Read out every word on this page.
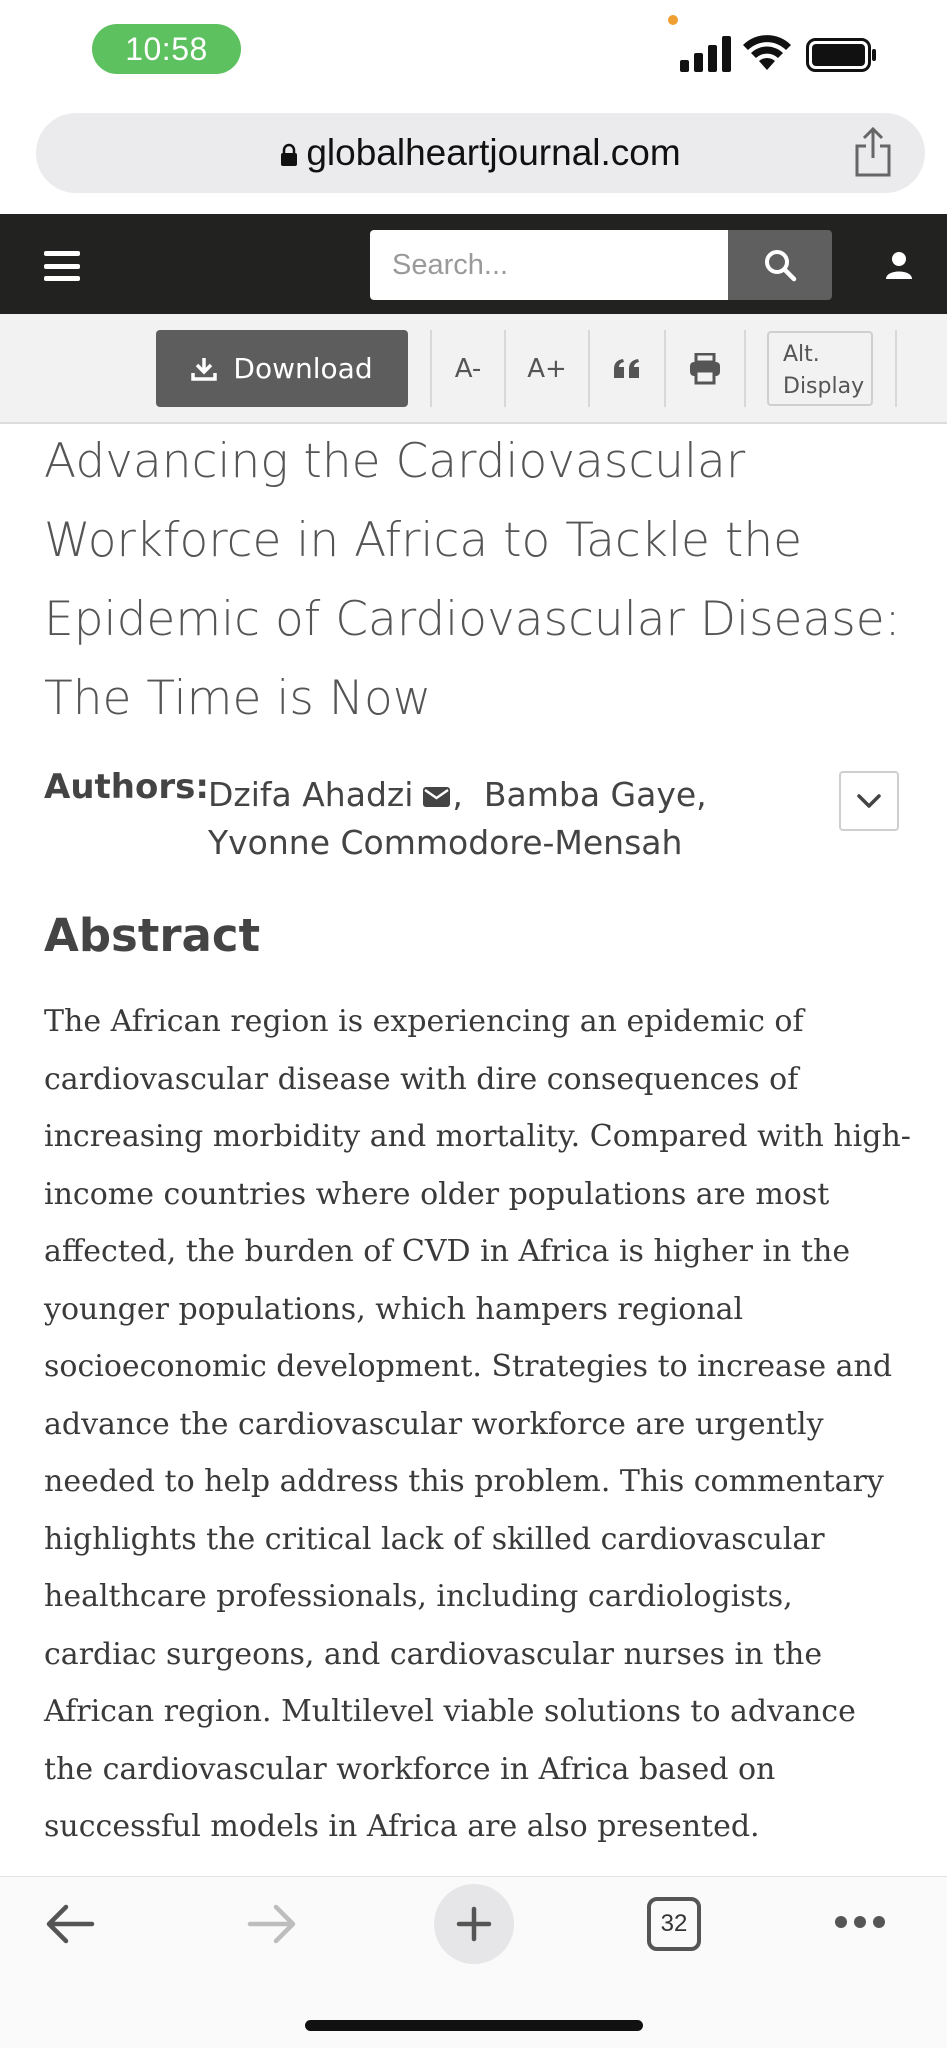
10:58
globalheartjournal.com
Search...
Download	A-	A+	Alt.
Display
Advancing the Cardiovascular Workforce in Africa to Tackle the Epidemic of Cardiovascular Disease: The Time is Now
Authors: Dzifa Ahadzi , Bamba Gaye,
Yvonne Commodore-Mensah
Abstract

The African region is experiencing an epidemic of cardiovascular disease with dire consequences of increasing morbidity and mortality. Compared with high-income countries where older populations are most affected, the burden of CVD in Africa is higher in the younger populations, which hampers regional socioeconomic development. Strategies to increase and advance the cardiovascular workforce are urgently needed to help address this problem. This commentary highlights the critical lack of skilled cardiovascular healthcare professionals, including cardiologists, cardiac surgeons, and cardiovascular nurses in the African region. Multilevel viable solutions to advance the cardiovascular workforce in Africa based on successful models in Africa are also presented.

32
